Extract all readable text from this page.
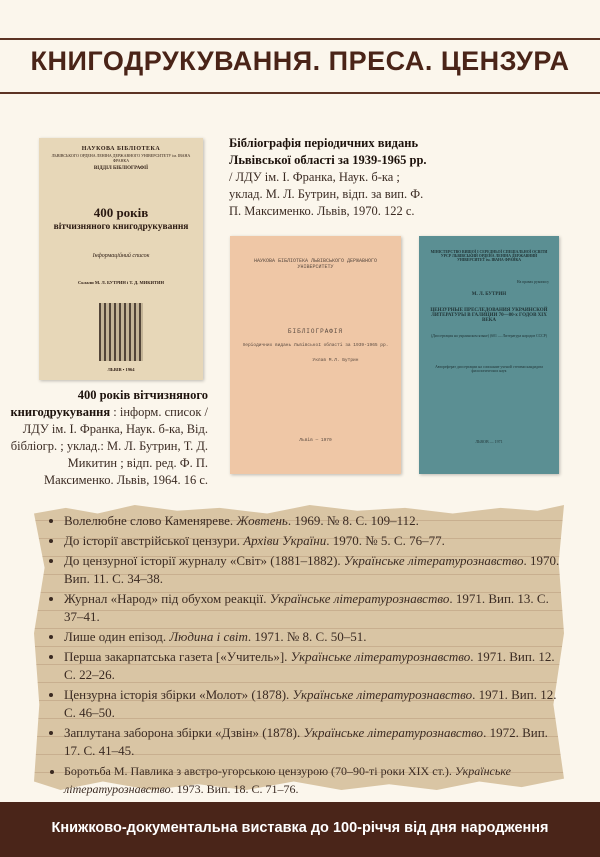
КНИГОДРУКУВАННЯ. ПРЕСА. ЦЕНЗУРА
НАУКОВА БІБЛІОТЕКА
ЛЬВІВСЬКОГО ОРДЕНА ЛЕНІНА ДЕРЖАВНОГО УНІВЕРСИТЕТУ ім. ІВАНА ФРАНКА
ВІДДІЛ БІБЛІОГРАФІЇ
400 років
вітчизняного книгодрукування
Інформаційний список
Склали М. Л. БУТРИН і Т. Д. МИКИТИН
ЛЬВІВ • 1964
400 років вітчизняного книгодрукування : інформ. список / ЛДУ ім. І. Франка, Наук. б-ка, Від. бібліогр. ; уклад.: М. Л. Бутрин, Т. Д. Микитин ; відп. ред. Ф. П. Максименко. Львів, 1964. 16 с.
Бібліографія періодичних видань Львівської області за 1939-1965 рр. / ЛДУ ім. І. Франка, Наук. б-ка ; уклад. М. Л. Бутрин, відп. за вип. Ф. П. Максименко. Львів, 1970. 122 с.
НАУКОВА БІБЛІОТЕКА ЛЬВІВСЬКОГО ДЕРЖАВНОГО УНІВЕРСИТЕТУ
БІБЛІОГРАФІЯ
періодичних видань Львівської області за 1939-1965 рр.
Уклав М.Л. Бутрин
Львів — 1970
МІНІСТЕРСТВО ВИЩОЇ І СЕРЕДНЬОЇ СПЕЦІАЛЬНОЇ ОСВІТИ УРСР ЛЬВІВСЬКИЙ ОРДЕНА ЛЕНІНА ДЕРЖАВНИЙ УНІВЕРСИТЕТ ім. ІВАНА ФРАНКА
На правах рукопису
М. Л. БУТРИН
ЦЕНЗУРНЫЕ ПРЕСЛЕДОВАНИЯ УКРАИНСКОЙ ЛИТЕРАТУРЫ В ГАЛИЦИИ 70—80-х ГОДОВ XIX ВЕКА
(Диссертация на украинском языке) (601 — Литература народов СССР)
Автореферат диссертации на соискание ученой степени кандидата филологических наук
ЛЬВОВ — 1971
• Волелюбне слово Каменяреве. Жовтень. 1969. № 8. С. 109–112.
• До історії австрійської цензури. Архіви України. 1970. № 5. С. 76–77.
• До цензурної історії журналу «Світ» (1881–1882). Українське літературознавство. 1970. Вип. 11. С. 34–38.
• Журнал «Народ» під обухом реакції. Українське літературознавство. 1971. Вип. 13. С. 37–41.
• Лише один епізод. Людина і світ. 1971. № 8. С. 50–51.
• Перша закарпатська газета [«Учитель»]. Українське літературознавство. 1971. Вип. 12. С. 22–26.
• Цензурна історія збірки «Молот» (1878). Українське літературознавство. 1971. Вип. 12. С. 46–50.
• Заплутана заборона збірки «Дзвін» (1878). Українське літературознавство. 1972. Вип. 17. С. 41–45.
• Боротьба М. Павлика з австро-угорською цензурою (70–90-ті роки XIX ст.). Українське літературознавство. 1973. Вип. 18. С. 71–76.
Книжково-документальна виставка до 100-річчя від дня народження
